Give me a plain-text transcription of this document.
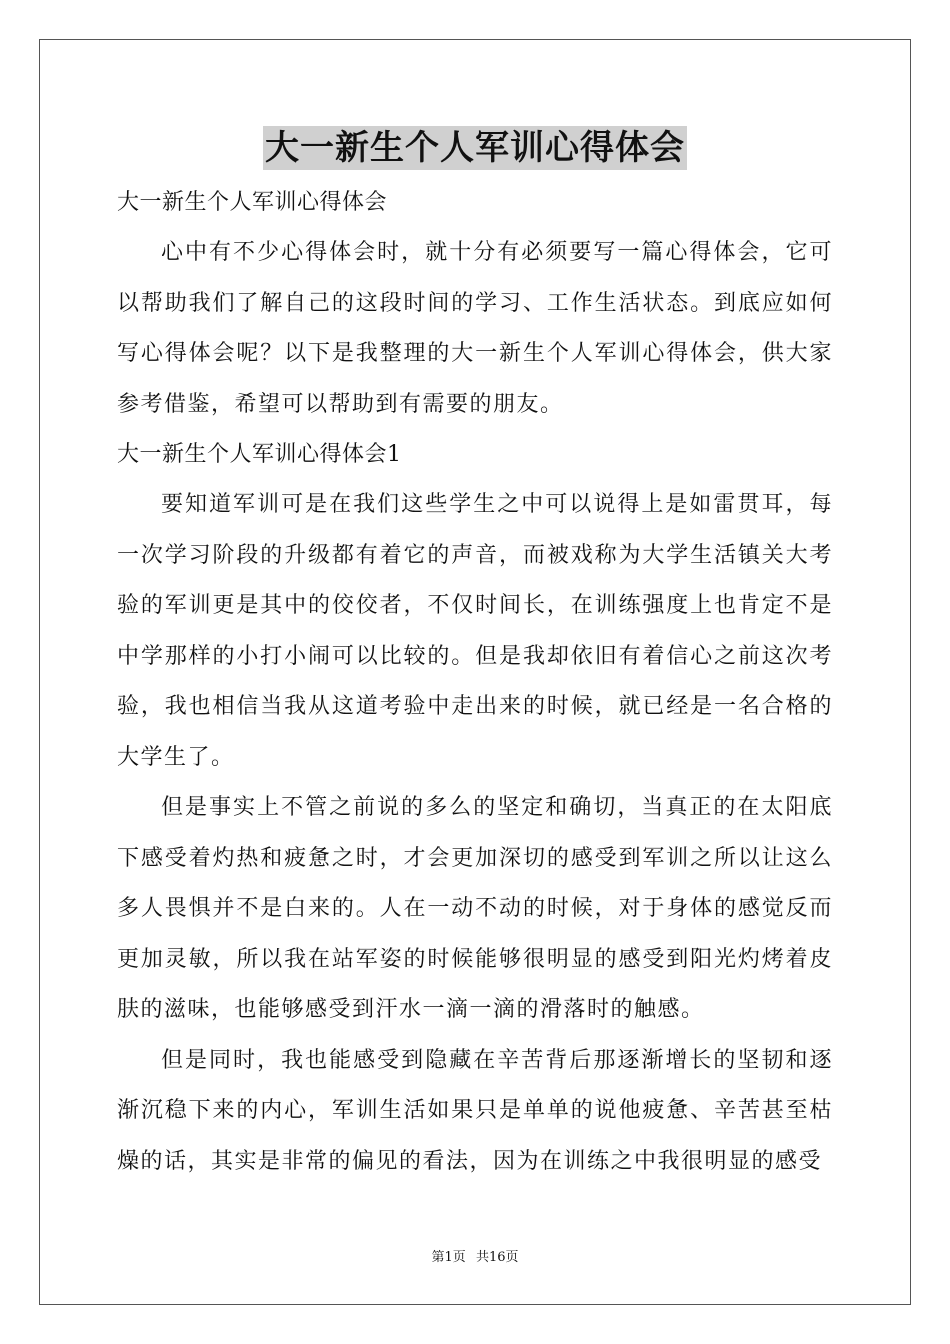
大一新生个人军训心得体会

大一新生个人军训心得体会

心中有不少心得体会时，就十分有必须要写一篇心得体会，它可以帮助我们了解自己的这段时间的学习、工作生活状态。到底应如何写心得体会呢？以下是我整理的大一新生个人军训心得体会，供大家参考借鉴，希望可以帮助到有需要的朋友。

大一新生个人军训心得体会1

要知道军训可是在我们这些学生之中可以说得上是如雷贯耳，每一次学习阶段的升级都有着它的声音，而被戏称为大学生活镇关大考验的军训更是其中的佼佼者，不仅时间长，在训练强度上也肯定不是中学那样的小打小闹可以比较的。但是我却依旧有着信心之前这次考验，我也相信当我从这道考验中走出来的时候，就已经是一名合格的大学生了。

但是事实上不管之前说的多么的坚定和确切，当真正的在太阳底下感受着灼热和疲惫之时，才会更加深切的感受到军训之所以让这么多人畏惧并不是白来的。人在一动不动的时候，对于身体的感觉反而更加灵敏，所以我在站军姿的时候能够很明显的感受到阳光灼烤着皮肤的滋味，也能够感受到汗水一滴一滴的滑落时的触感。

但是同时，我也能感受到隐藏在辛苦背后那逐渐增长的坚韧和逐渐沉稳下来的内心，军训生活如果只是单单的说他疲惫、辛苦甚至枯燥的话，其实是非常的偏见的看法，因为在训练之中我很明显的感受

第1页 共16页
